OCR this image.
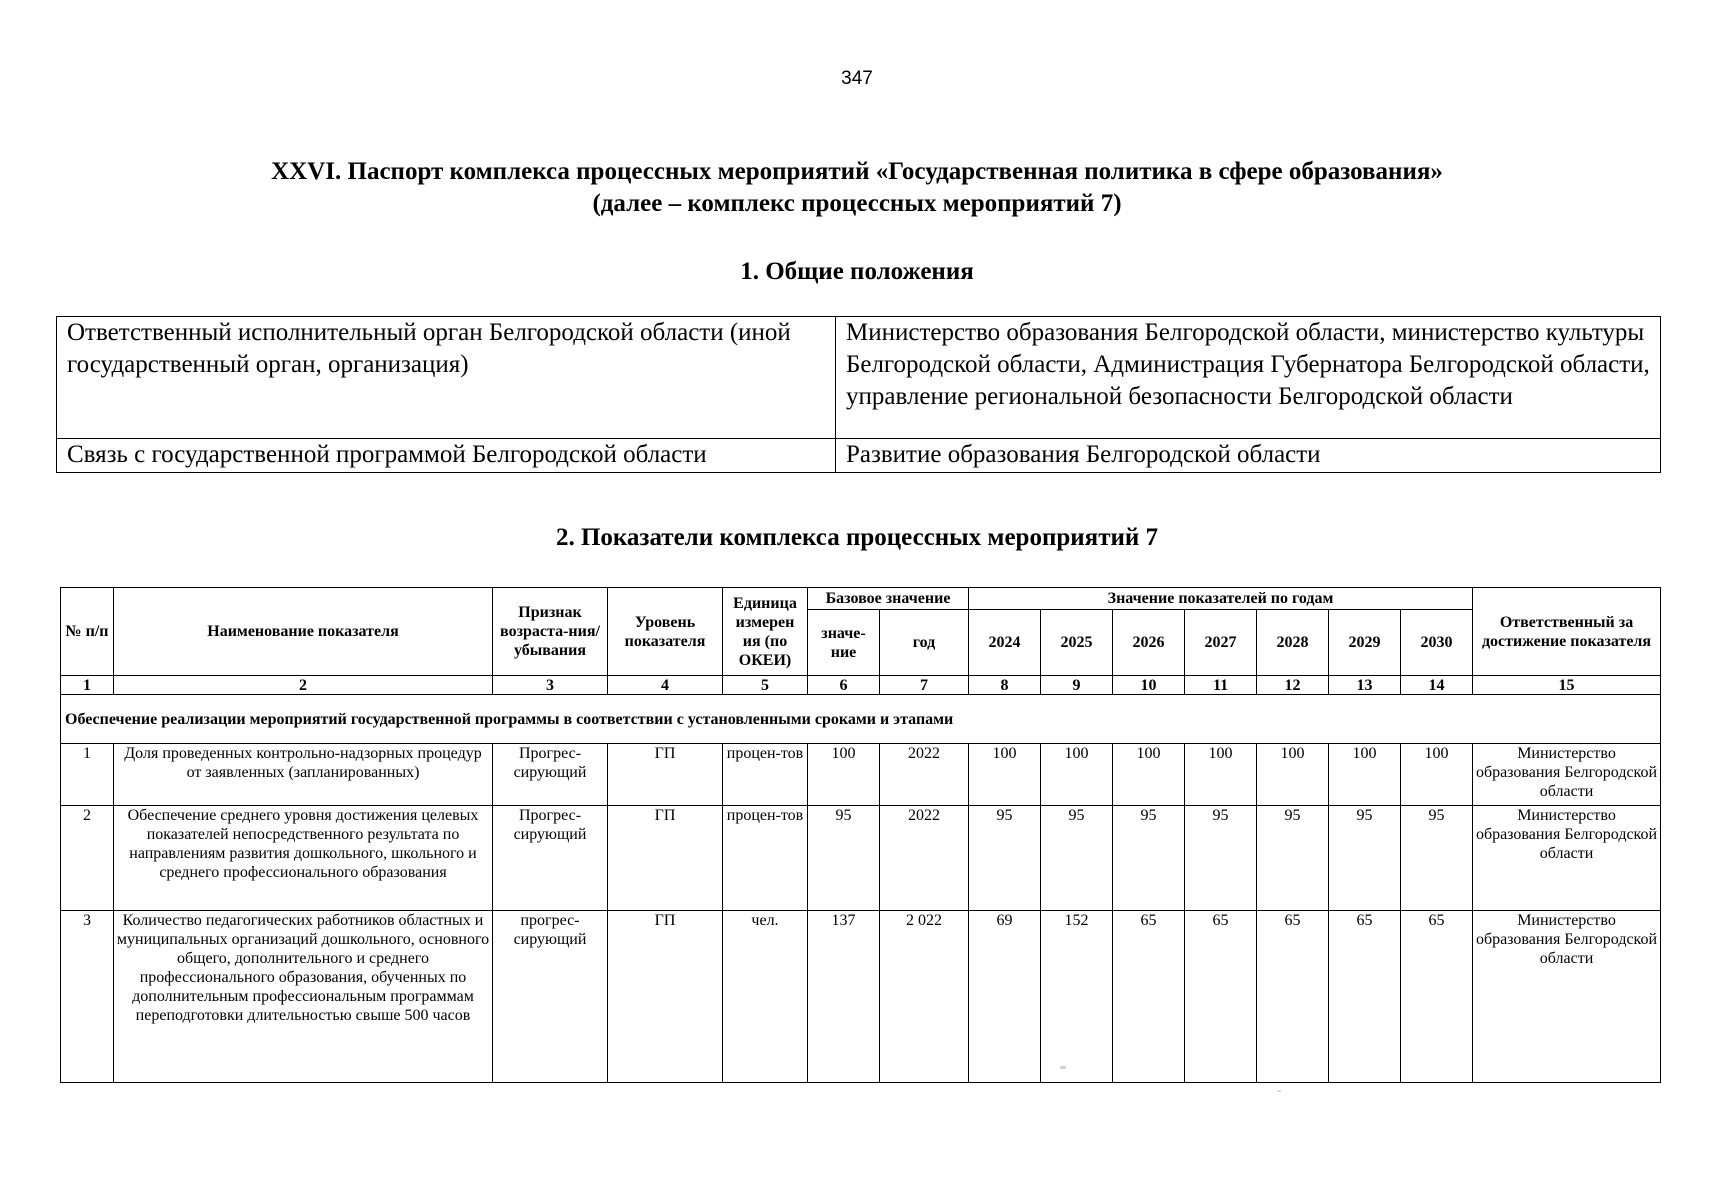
347
XXVI. Паспорт комплекса процессных мероприятий «Государственная политика в сфере образования»
(далее – комплекс процессных мероприятий 7)
1. Общие положения
Ответственный исполнительный орган Белгородской области (иной государственный орган, организация)	Министерство образования Белгородской области, министерство культуры Белгородской области, Администрация Губернатора Белгородской области, управление региональной безопасности Белгородской области
Связь с государственной программой Белгородской области	Развитие образования Белгородской области
2. Показатели комплекса процессных мероприятий 7
№ п/п	Наименование показателя	Признак возраста-ния/ убывания	Уровень показателя	Единица измерен ия (по ОКЕИ)	Базовое значение		Значение показателей по годам							Ответственный за достижение показателя
					значе-ние	год	2024	2025	2026	2027	2028	2029	2030	
1	2	3	4	5	6	7	8	9	10	11	12	13	14	15
Обеспечение реализации мероприятий государственной программы в соответствии с установленными сроками и этапами														
1	Доля проведенных контрольно-надзорных процедур от заявленных (запланированных)	Прогрес-сирующий	ГП	процен-тов	100	2022	100	100	100	100	100	100	100	Министерство образования Белгородской области
2	Обеспечение среднего уровня достижения целевых показателей непосредственного результата по направлениям развития дошкольного, школьного и среднего профессионального образования	Прогрес-сирующий	ГП	процен-тов	95	2022	95	95	95	95	95	95	95	Министерство образования Белгородской области
3	Количество педагогических работников областных и муниципальных организаций дошкольного, основного общего, дополнительного и среднего профессионального образования, обученных по дополнительным профессиональным программам переподготовки длительностью свыше 500 часов	прогрес-сирующий	ГП	чел.	137	2 022	69	152	65	65	65	65	65	Министерство образования Белгородской области
